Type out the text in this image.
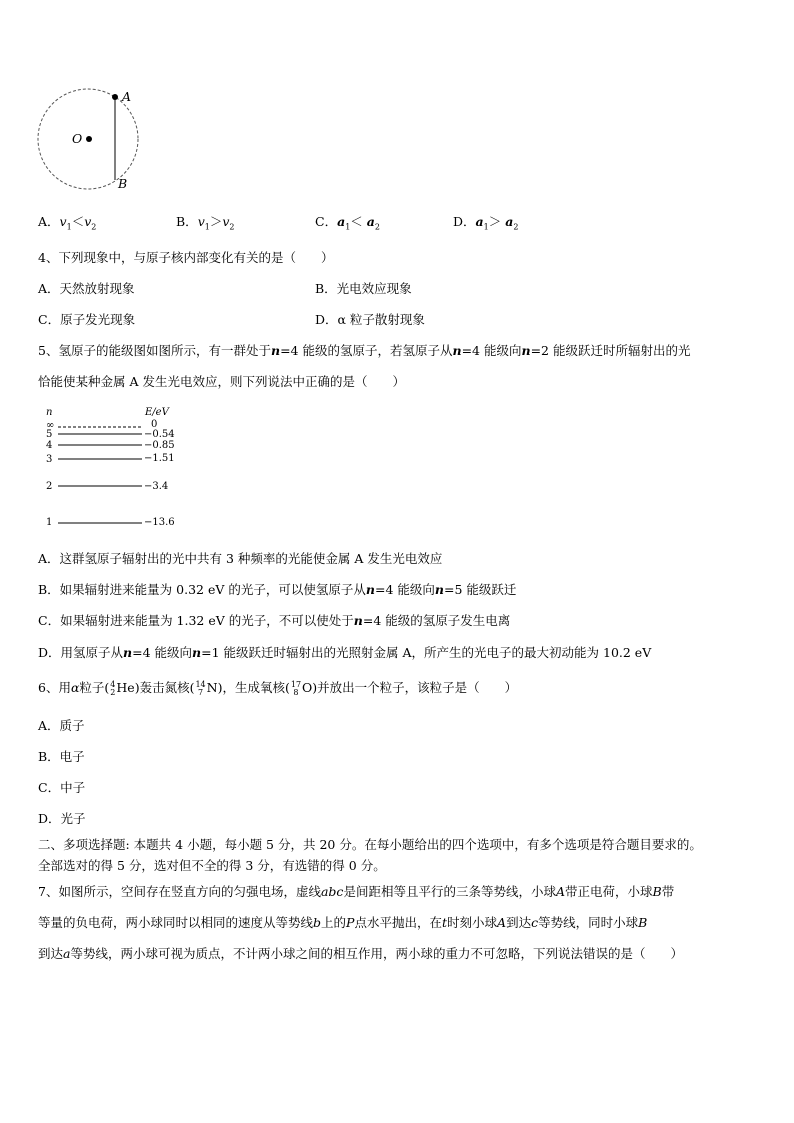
O
A
B
A．$v_1<v_2$	B．$v_1>v_2$	C．$a_1< a_2$	D．$a_1> a_2$
4、下列现象中，与原子核内部变化有关的是（　　）
A．天然放射现象	B．光电效应现象
C．原子发光现象	D．α 粒子散射现象
5、氢原子的能级图如图所示，有一群处于n=4 能级的氢原子，若氢原子从n=4 能级向n=2 能级跃迁时所辐射出的光
恰能使某种金属 A 发生光电效应，则下列说法中正确的是（　　）
n	E/eV
∞	0
5	−0.54
4	−0.85
3	−1.51
2	−3.4
1	−13.6
A．这群氢原子辐射出的光中共有 3 种频率的光能使金属 A 发生光电效应
B．如果辐射进来能量为 0.32 eV 的光子，可以使氢原子从n=4 能级向n=5 能级跃迁
C．如果辐射进来能量为 1.32 eV 的光子，不可以使处于n=4 能级的氢原子发生电离
D．用氢原子从n=4 能级向n=1 能级跃迁时辐射出的光照射金属 A，所产生的光电子的最大初动能为 10.2 eV
6、用α粒子( 4
2 He)轰击氮核( 14
7 N)，生成氧核( 17
8 O)并放出一个粒子，该粒子是（　　）
A．质子
B．电子
C．中子
D．光子
二、多项选择题: 本题共 4 小题，每小题 5 分，共 20 分。在每小题给出的四个选项中，有多个选项是符合题目要求的。
全部选对的得 5 分，选对但不全的得 3 分，有选错的得 0 分。
7、如图所示，空间存在竖直方向的匀强电场，虚线abc是间距相等且平行的三条等势线，小球A带正电荷，小球B带
等量的负电荷，两小球同时以相同的速度从等势线b上的P点水平抛出，在t时刻小球A到达c等势线，同时小球B
到达a等势线，两小球可视为质点，不计两小球之间的相互作用，两小球的重力不可忽略，下列说法错误的是（　　）
